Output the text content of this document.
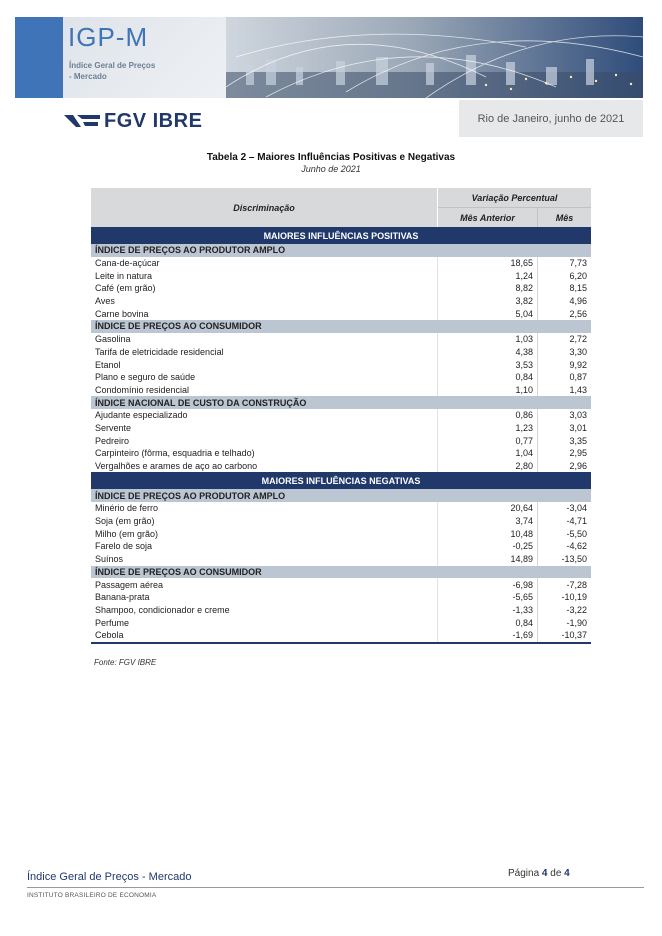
IGP-M
Índice Geral de Preços
- Mercado
FGV IBRE	Rio de Janeiro, junho de 2021
Tabela 2 – Maiores Influências Positivas e Negativas
Junho de 2021
Discriminação	Variação Percentual	
	Mês Anterior	Mês
MAIORES INFLUÊNCIAS POSITIVAS		
ÍNDICE DE PREÇOS AO PRODUTOR AMPLO		
Cana-de-açúcar	18,65	7,73
Leite in natura	1,24	6,20
Café (em grão)	8,82	8,15
Aves	3,82	4,96
Carne bovina	5,04	2,56
ÍNDICE DE PREÇOS AO CONSUMIDOR		
Gasolina	1,03	2,72
Tarifa de eletricidade residencial	4,38	3,30
Etanol	3,53	9,92
Plano e seguro de saúde	0,84	0,87
Condomínio residencial	1,10	1,43
ÍNDICE NACIONAL DE CUSTO DA CONSTRUÇÃO		
Ajudante especializado	0,86	3,03
Servente	1,23	3,01
Pedreiro	0,77	3,35
Carpinteiro (fôrma, esquadria e telhado)	1,04	2,95
Vergalhões e arames de aço ao carbono	2,80	2,96
MAIORES INFLUÊNCIAS NEGATIVAS		
ÍNDICE DE PREÇOS AO PRODUTOR AMPLO		
Minério de ferro	20,64	-3,04
Soja (em grão)	3,74	-4,71
Milho (em grão)	10,48	-5,50
Farelo de soja	-0,25	-4,62
Suínos	14,89	-13,50
ÍNDICE DE PREÇOS AO CONSUMIDOR		
Passagem aérea	-6,98	-7,28
Banana-prata	-5,65	-10,19
Shampoo, condicionador e creme	-1,33	-3,22
Perfume	0,84	-1,90
Cebola	-1,69	-10,37
Fonte: FGV IBRE
Índice Geral de Preços - Mercado	Página 4 de 4
INSTITUTO BRASILEIRO DE ECONOMIA
